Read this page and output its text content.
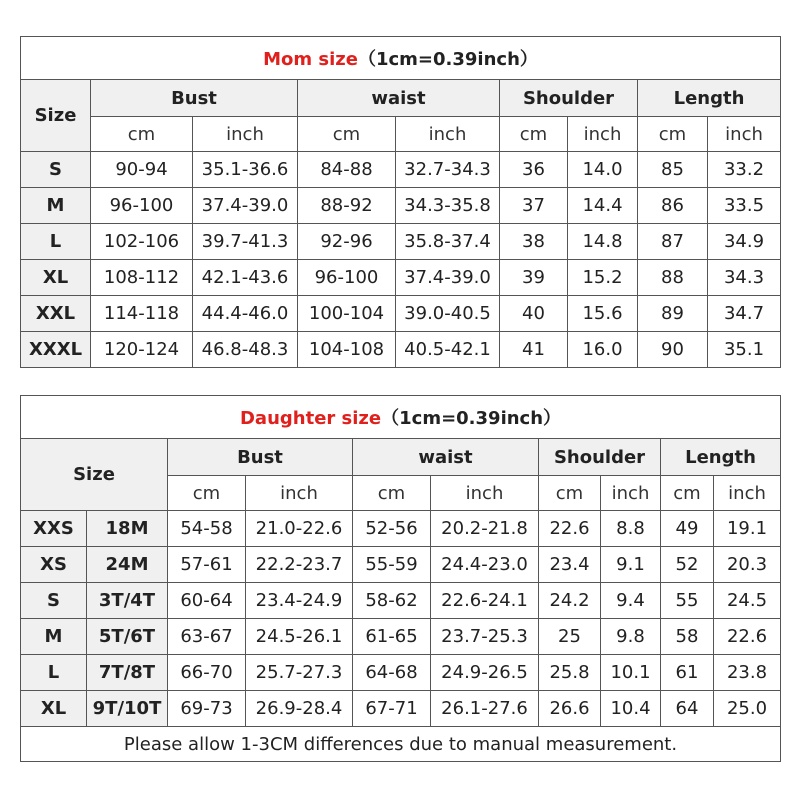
Mom size（1cm=0.39inch）								
Size	Bust		waist		Shoulder		Length	
	cm	inch	cm	inch	cm	inch	cm	inch
S	90-94	35.1-36.6	84-88	32.7-34.3	36	14.0	85	33.2
M	96-100	37.4-39.0	88-92	34.3-35.8	37	14.4	86	33.5
L	102-106	39.7-41.3	92-96	35.8-37.4	38	14.8	87	34.9
XL	108-112	42.1-43.6	96-100	37.4-39.0	39	15.2	88	34.3
XXL	114-118	44.4-46.0	100-104	39.0-40.5	40	15.6	89	34.7
XXXL	120-124	46.8-48.3	104-108	40.5-42.1	41	16.0	90	35.1
Daughter size（1cm=0.39inch）									
Size		Bust		waist		Shoulder		Length	
		cm	inch	cm	inch	cm	inch	cm	inch
XXS	18M	54-58	21.0-22.6	52-56	20.2-21.8	22.6	8.8	49	19.1
XS	24M	57-61	22.2-23.7	55-59	24.4-23.0	23.4	9.1	52	20.3
S	3T/4T	60-64	23.4-24.9	58-62	22.6-24.1	24.2	9.4	55	24.5
M	5T/6T	63-67	24.5-26.1	61-65	23.7-25.3	25	9.8	58	22.6
L	7T/8T	66-70	25.7-27.3	64-68	24.9-26.5	25.8	10.1	61	23.8
XL	9T/10T	69-73	26.9-28.4	67-71	26.1-27.6	26.6	10.4	64	25.0
Please allow 1-3CM differences due to manual measurement.									
